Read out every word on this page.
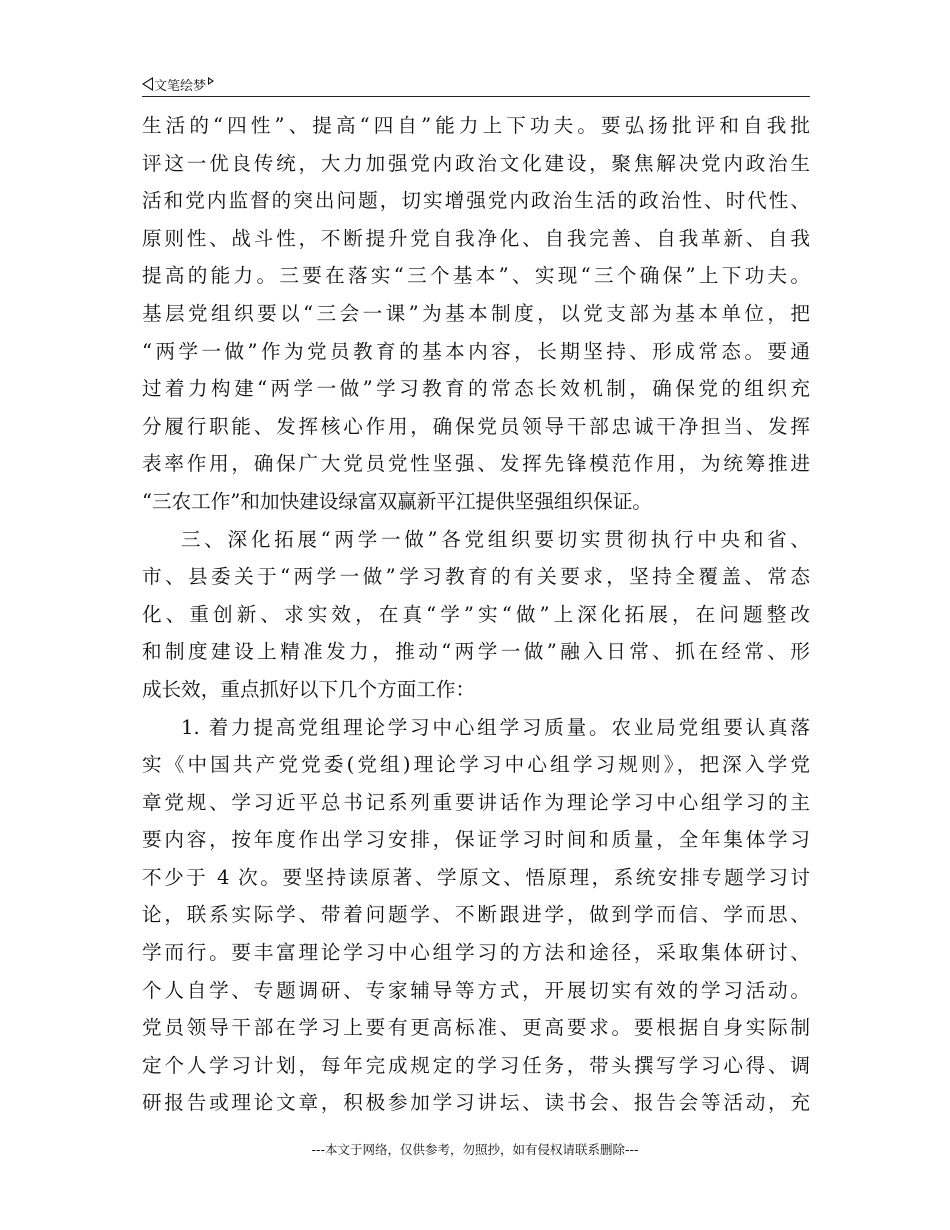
文笔绘梦
生活的“四性”、提高“四自”能力上下功夫。要弘扬批评和自我批
评这一优良传统，大力加强党内政治文化建设，聚焦解决党内政治生
活和党内监督的突出问题，切实增强党内政治生活的政治性、时代性、
原则性、战斗性，不断提升党自我净化、自我完善、自我革新、自我
提高的能力。三要在落实“三个基本”、实现“三个确保”上下功夫。
基层党组织要以“三会一课”为基本制度，以党支部为基本单位，把
“两学一做”作为党员教育的基本内容，长期坚持、形成常态。要通
过着力构建“两学一做”学习教育的常态长效机制，确保党的组织充
分履行职能、发挥核心作用，确保党员领导干部忠诚干净担当、发挥
表率作用，确保广大党员党性坚强、发挥先锋模范作用，为统筹推进
“三农工作”和加快建设绿富双赢新平江提供坚强组织保证。
三、深化拓展“两学一做”各党组织要切实贯彻执行中央和省、
市、县委关于“两学一做”学习教育的有关要求，坚持全覆盖、常态
化、重创新、求实效，在真“学”实“做”上深化拓展，在问题整改
和制度建设上精准发力，推动“两学一做”融入日常、抓在经常、形
成长效，重点抓好以下几个方面工作：
1. 着力提高党组理论学习中心组学习质量。农业局党组要认真落
实《中国共产党党委(党组)理论学习中心组学习规则》，把深入学党
章党规、学习近平总书记系列重要讲话作为理论学习中心组学习的主
要内容，按年度作出学习安排，保证学习时间和质量，全年集体学习
不少于 4 次。要坚持读原著、学原文、悟原理，系统安排专题学习讨
论，联系实际学、带着问题学、不断跟进学，做到学而信、学而思、
学而行。要丰富理论学习中心组学习的方法和途径，采取集体研讨、
个人自学、专题调研、专家辅导等方式，开展切实有效的学习活动。
党员领导干部在学习上要有更高标准、更高要求。要根据自身实际制
定个人学习计划，每年完成规定的学习任务，带头撰写学习心得、调
研报告或理论文章，积极参加学习讲坛、读书会、报告会等活动，充
---本文于网络，仅供参考，勿照抄，如有侵权请联系删除---
